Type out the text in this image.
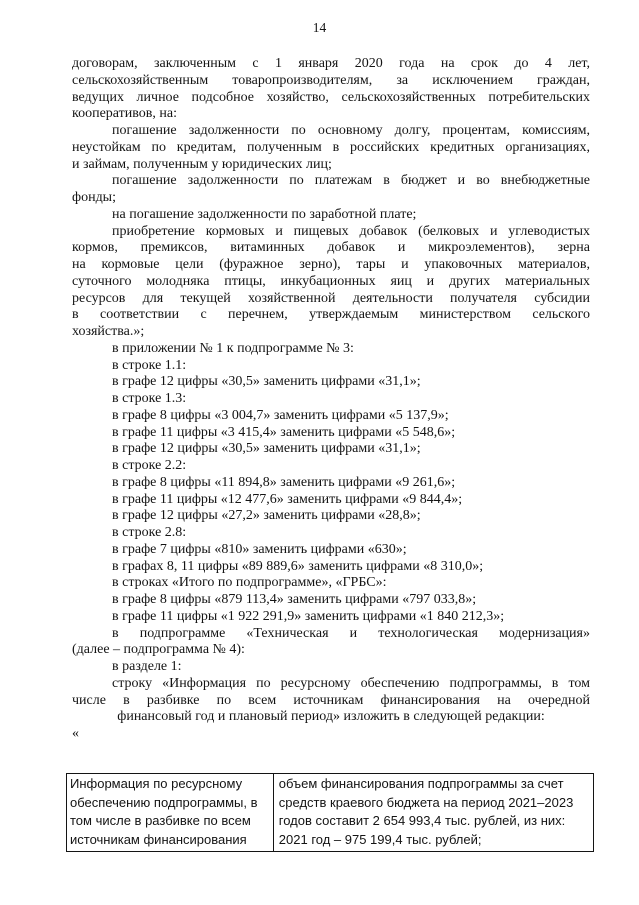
14

договорам, заключенным с 1 января 2020 года на срок до 4 лет,

сельскохозяйственным товаропроизводителям, за исключением граждан,

ведущих личное подсобное хозяйство, сельскохозяйственных потребительских

кооперативов, на:

погашение задолженности по основному долгу, процентам, комиссиям,

неустойкам по кредитам, полученным в российских кредитных организациях,

и займам, полученным у юридических лиц;

погашение задолженности по платежам в бюджет и во внебюджетные

фонды;

на погашение задолженности по заработной плате;

приобретение кормовых и пищевых добавок (белковых и углеводистых

кормов, премиксов, витаминных добавок и микроэлементов), зерна

на кормовые цели (фуражное зерно), тары и упаковочных материалов,

суточного молодняка птицы, инкубационных яиц и других материальных

ресурсов для текущей хозяйственной деятельности получателя субсидии

в соответствии с перечнем, утверждаемым министерством сельского

хозяйства.»;

в приложении № 1 к подпрограмме № 3:

в строке 1.1:

в графе 12 цифры «30,5» заменить цифрами «31,1»;

в строке 1.3:

в графе 8 цифры «3 004,7» заменить цифрами «5 137,9»;

в графе 11 цифры «3 415,4» заменить цифрами «5 548,6»;

в графе 12 цифры «30,5» заменить цифрами «31,1»;

в строке 2.2:

в графе 8 цифры «11 894,8» заменить цифрами «9 261,6»;

в графе 11 цифры «12 477,6» заменить цифрами «9 844,4»;

в графе 12 цифры «27,2» заменить цифрами «28,8»;

в строке 2.8:

в графе 7 цифры «810» заменить цифрами «630»;

в графах 8, 11 цифры «89 889,6» заменить цифрами «8 310,0»;

в строках «Итого по подпрограмме», «ГРБС»:

в графе 8 цифры «879 113,4» заменить цифрами «797 033,8»;

в графе 11 цифры «1 922 291,9» заменить цифрами «1 840 212,3»;

в подпрограмме «Техническая и технологическая модернизация»

(далее – подпрограмма № 4):

в разделе 1:

строку «Информация по ресурсному обеспечению подпрограммы, в том

числе в разбивке по всем источникам финансирования на очередной

финансовый год и плановый период» изложить в следующей редакции:

«

Информация по ресурсному
обеспечению подпрограммы, в
том числе в разбивке по всем
источникам финансирования

объем финансирования подпрограммы за счет
средств краевого бюджета на период 2021–2023
годов составит 2 654 993,4 тыс. рублей, из них:
2021 год – 975 199,4 тыс. рублей;
